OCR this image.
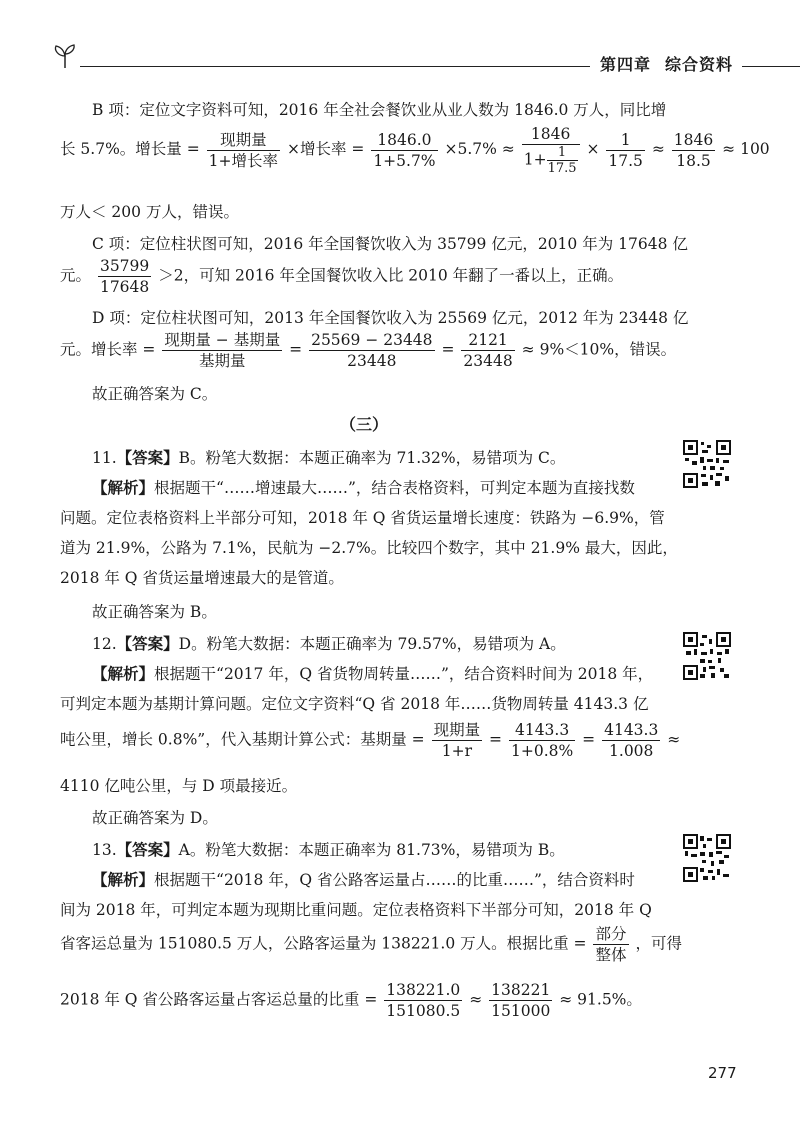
第四章 综合资料
B 项：定位文字资料可知，2016 年全社会餐饮业从业人数为 1846.0 万人，同比增
长 5.7%。增长量 = $\frac{\text{现期量}}{\text{1+增长率}}$ ×增长率 = $\frac{1846.0}{1+5.7\%} \times 5.7\% \approx \frac{1846}{1+ \frac{1}{17.5}} \times \frac{1}{17.5} \approx \frac{1846}{18.5} \approx 100$
万人＜ 200 万人，错误。
C 项：定位柱状图可知，2016 年全国餐饮收入为 35799 亿元，2010 年为 17648 亿
元。 $\frac{35799}{17648} >2$，可知 2016 年全国餐饮收入比 2010 年翻了一番以上，正确。
D 项：定位柱状图可知，2013 年全国餐饮收入为 25569 亿元，2012 年为 23448 亿
元。增长率 = $\frac{\text{现期量 − 基期量}}{\text{基期量}} = \frac{25569 - 23448}{23448} = \frac{2121}{23448} \approx 9\%<10\%$，错误。
故正确答案为 C。
（三）
11.【答案】B。粉笔大数据：本题正确率为 71.32%，易错项为 C。
【解析】根据题干“……增速最大……”，结合表格资料，可判定本题为直接找数
问题。定位表格资料上半部分可知，2018 年 Q 省货运量增长速度：铁路为 −6.9%，管
道为 21.9%，公路为 7.1%，民航为 −2.7%。比较四个数字，其中 21.9% 最大，因此，
2018 年 Q 省货运量增速最大的是管道。
故正确答案为 B。
12.【答案】D。粉笔大数据：本题正确率为 79.57%，易错项为 A。
【解析】根据题干“2017 年，Q 省货物周转量……”，结合资料时间为 2018 年，
可判定本题为基期计算问题。定位文字资料“Q 省 2018 年……货物周转量 4143.3 亿
吨公里，增长 0.8%”，代入基期计算公式：基期量 = $\frac{\text{现期量}}{1+r} = \frac{4143.3}{1+0.8\%} = \frac{4143.3}{1.008}$ ≈
4110 亿吨公里，与 D 项最接近。
故正确答案为 D。
13.【答案】A。粉笔大数据：本题正确率为 81.73%，易错项为 B。
【解析】根据题干“2018 年，Q 省公路客运量占……的比重……”，结合资料时
间为 2018 年，可判定本题为现期比重问题。定位表格资料下半部分可知，2018 年 Q
省客运总量为 151080.5 万人，公路客运量为 138221.0 万人。根据比重 = $\frac{\text{部分}}{\text{整体}}$ ，可得
2018 年 Q 省公路客运量占客运总量的比重 = $\frac{138221.0}{151080.5} \approx \frac{138221}{151000} \approx 91.5\%$。
277
